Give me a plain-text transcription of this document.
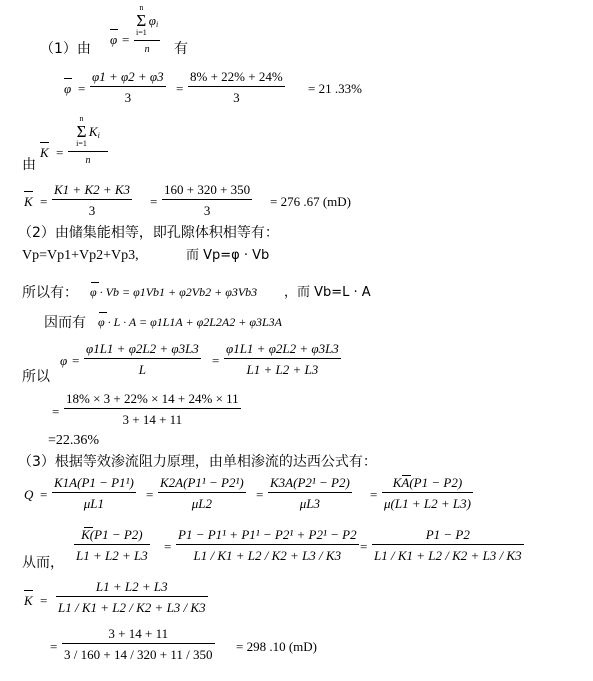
（1）由
φ =
n
Σ
i=1
φ i
n 有
φ =
φ1 + φ2 + φ3
3
=
8% + 22% + 24%
3
= 21 .33%
由
K =
n
Σ
i=1
K i
n
K =
K1 + K2 + K3
3
=
160 + 320 + 350
3
= 276 .67 (mD)
（2）由储集能相等，即孔隙体积相等有：
Vp=Vp1+Vp2+Vp3,	而 Vp=φ · Vb
所以有： φ · Vb = φ1Vb1 + φ2Vb2 + φ3Vb3 ，而 Vb=L · A
因而有 φ · L · A = φ1L1A + φ2L2A2 + φ3L3A
所以
φ =
φ1L1 + φ2L2 + φ3L3
L
=
φ1L1 + φ2L2 + φ3L3
L1 + L2 + L3
=
18% × 3 + 22% × 14 + 24% × 11
3 + 14 + 11
=22.36%
（3）根据等效渗流阻力原理，由单相渗流的达西公式有：
Q =
K1A(P1 − P1¹)
μL1
=
K2A(P1¹ − P2¹)
μL2
=
K3A(P2¹ − P2)
μL3
=
KA(P1 − P2)
μ(L1 + L2 + L3)
从而，
K(P1 − P2)
L1 + L2 + L3
=
P1 − P1¹ + P1¹ − P2¹ + P2¹ − P2
L1 / K1 + L2 / K2 + L3 / K3
=
P1 − P2
L1 / K1 + L2 / K2 + L3 / K3
K =
L1 + L2 + L3
L1 / K1 + L2 / K2 + L3 / K3
=
3 + 14 + 11
3 / 160 + 14 / 320 + 11 / 350
= 298 .10 (mD)
